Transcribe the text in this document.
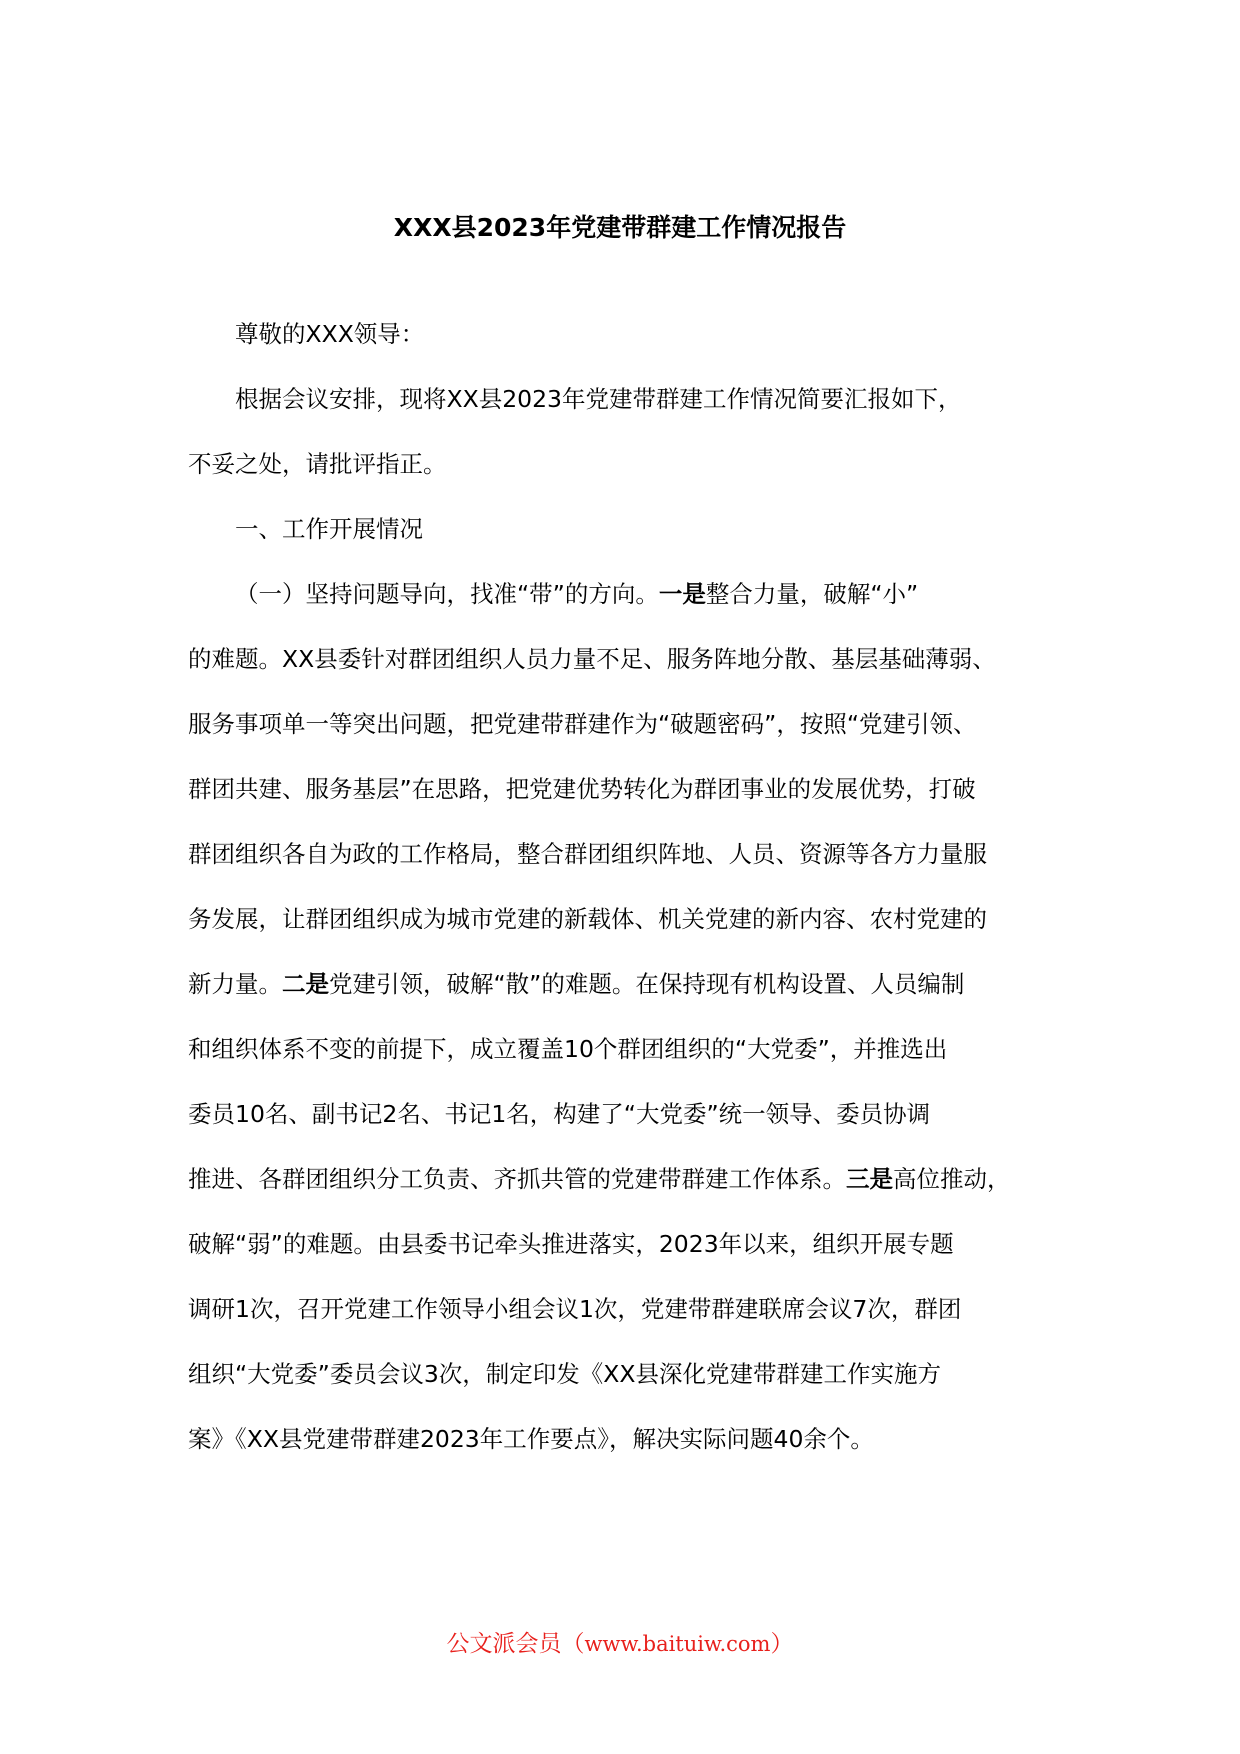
XXX县2023年党建带群建工作情况报告

尊敬的XXX领导：

根据会议安排，现将XX县2023年党建带群建工作情况简要汇报如下，
不妥之处，请批评指正。

一、工作开展情况

（一）坚持问题导向，找准“带”的方向。一是整合力量，破解“小”
的难题。XX县委针对群团组织人员力量不足、服务阵地分散、基层基础薄弱、
服务事项单一等突出问题，把党建带群建作为“破题密码”，按照“党建引领、
群团共建、服务基层”在思路，把党建优势转化为群团事业的发展优势，打破
群团组织各自为政的工作格局，整合群团组织阵地、人员、资源等各方力量服
务发展，让群团组织成为城市党建的新载体、机关党建的新内容、农村党建的
新力量。二是党建引领，破解“散”的难题。在保持现有机构设置、人员编制
和组织体系不变的前提下，成立覆盖10个群团组织的“大党委”，并推选出
委员10名、副书记2名、书记1名，构建了“大党委”统一领导、委员协调
推进、各群团组织分工负责、齐抓共管的党建带群建工作体系。三是高位推动，
破解“弱”的难题。由县委书记牵头推进落实，2023年以来，组织开展专题
调研1次，召开党建工作领导小组会议1次，党建带群建联席会议7次，群团
组织“大党委”委员会议3次，制定印发《XX县深化党建带群建工作实施方
案》《XX县党建带群建2023年工作要点》，解决实际问题40余个。
公文派会员（www.baituiw.com）
